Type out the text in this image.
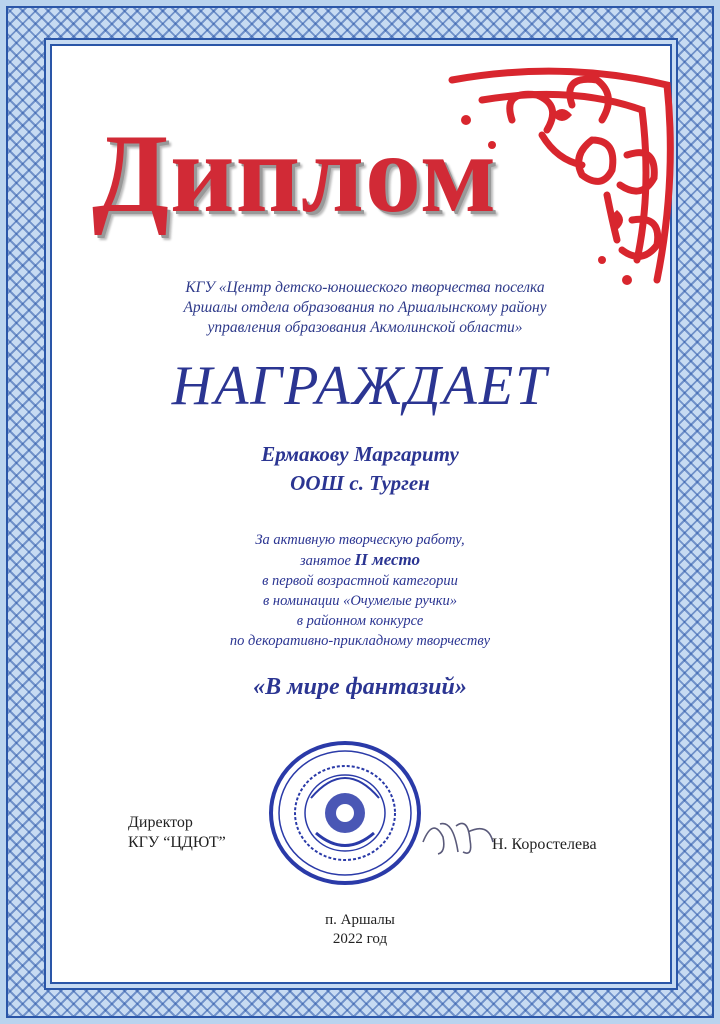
Диплом
КГУ «Центр детско-юношеского творчества поселка
Аршалы отдела образования по Аршалынскому району
управления образования Акмолинской области»
НАГРАЖДАЕТ
Ермакову Маргариту
ООШ с. Турген
За активную творческую работу,
занятое II место
в первой возрастной категории
в номинации «Очумелые ручки»
в районном конкурсе
по декоративно-прикладному творчеству
«В мире фантазий»
Директор
КГУ “ЦДЮТ”	Н. Коростелева
п. Аршалы
2022 год
